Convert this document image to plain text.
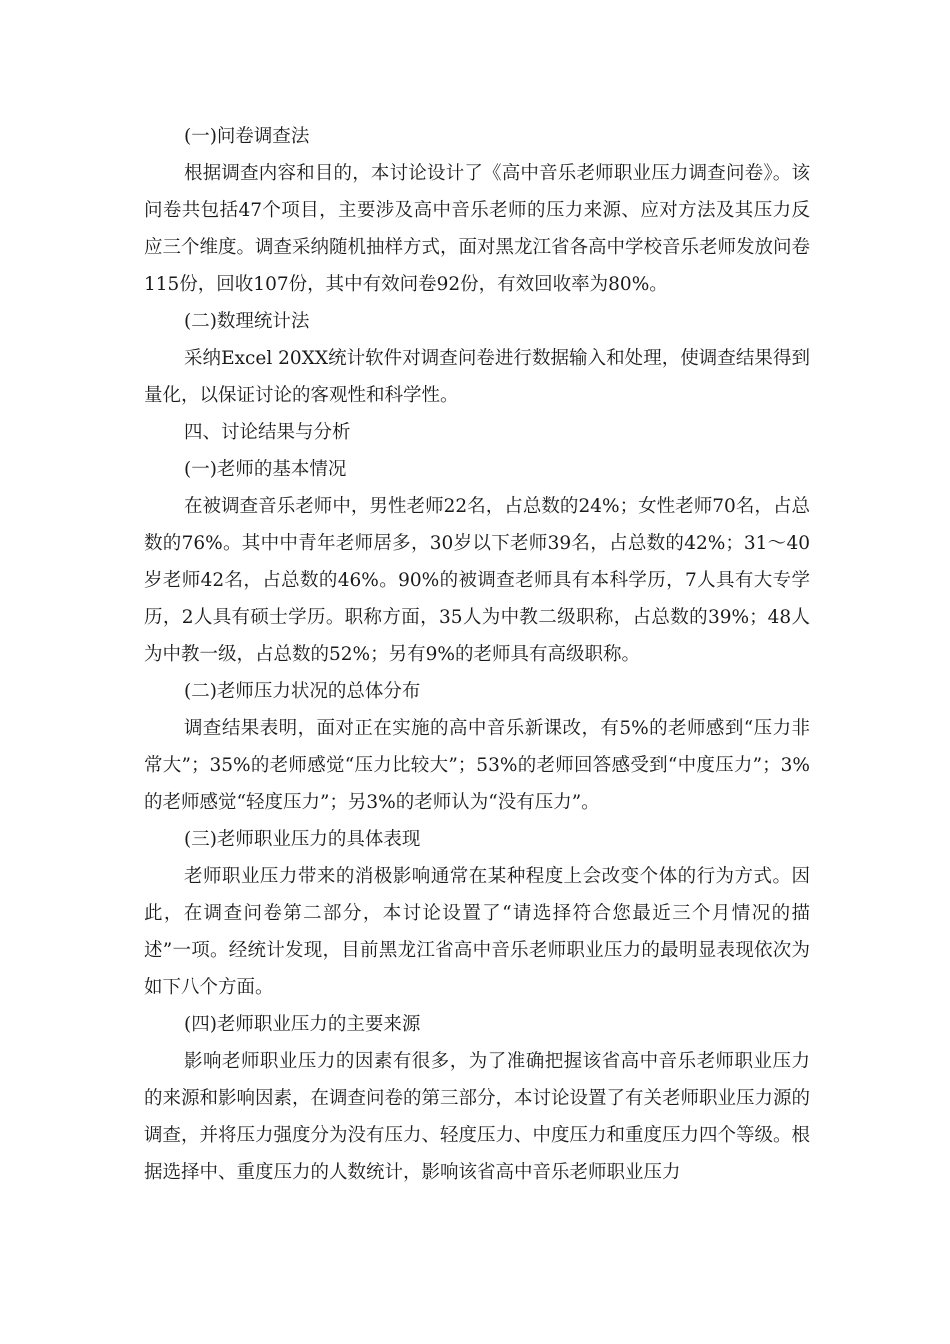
(一)问卷调查法

根据调查内容和目的，本讨论设计了《高中音乐老师职业压力调查问卷》。该问卷共包括47个项目，主要涉及高中音乐老师的压力来源、应对方法及其压力反应三个维度。调查采纳随机抽样方式，面对黑龙江省各高中学校音乐老师发放问卷115份，回收107份，其中有效问卷92份，有效回收率为80%。

(二)数理统计法

采纳Excel 20XX统计软件对调查问卷进行数据输入和处理，使调查结果得到量化，以保证讨论的客观性和科学性。

四、讨论结果与分析

(一)老师的基本情况

在被调查音乐老师中，男性老师22名，占总数的24%；女性老师70名，占总数的76%。其中中青年老师居多，30岁以下老师39名，占总数的42%；31～40岁老师42名，占总数的46%。90%的被调查老师具有本科学历，7人具有大专学历，2人具有硕士学历。职称方面，35人为中教二级职称，占总数的39%；48人为中教一级，占总数的52%；另有9%的老师具有高级职称。

(二)老师压力状况的总体分布

调查结果表明，面对正在实施的高中音乐新课改，有5%的老师感到“压力非常大”；35%的老师感觉“压力比较大”；53%的老师回答感受到“中度压力”；3%的老师感觉“轻度压力”；另3%的老师认为“没有压力”。

(三)老师职业压力的具体表现

老师职业压力带来的消极影响通常在某种程度上会改变个体的行为方式。因此，在调查问卷第二部分，本讨论设置了“请选择符合您最近三个月情况的描述”一项。经统计发现，目前黑龙江省高中音乐老师职业压力的最明显表现依次为如下八个方面。

(四)老师职业压力的主要来源

影响老师职业压力的因素有很多，为了准确把握该省高中音乐老师职业压力的来源和影响因素，在调查问卷的第三部分，本讨论设置了有关老师职业压力源的调查，并将压力强度分为没有压力、轻度压力、中度压力和重度压力四个等级。根据选择中、重度压力的人数统计，影响该省高中音乐老师职业压力
